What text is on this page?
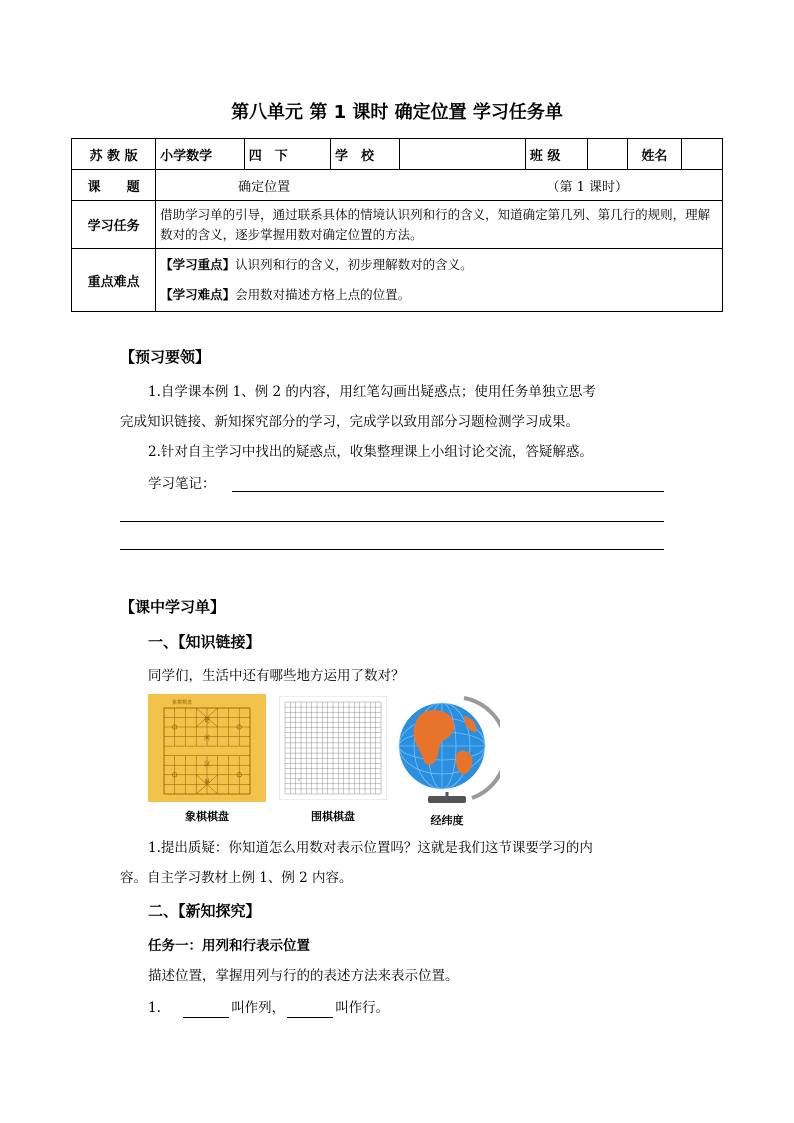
第八单元 第 1 课时 确定位置 学习任务单
苏 教 版	小学数学	四　下	学　校		班 级		姓名	
课　　题	确定位置 （第 1 课时）							

学习任务	借助学习单的引导，通过联系具体的情境认识列和行的含义，知道确定第几列、第几行的规则，理解数对的含义，逐步掌握用数对确定位置的方法。							
重点难点	【学习重点】认识列和行的含义，初步理解数对的含义。
【学习难点】会用数对描述方格上点的位置。							
【预习要领】
1.自学课本例 1、例 2 的内容，用红笔勾画出疑惑点；使用任务单独立思考
完成知识链接、新知探究部分的学习，完成学以致用部分习题检测学习成果。
2.针对自主学习中找出的疑惑点，收集整理课上小组讨论交流，答疑解惑。
学习笔记：
【课中学习单】
一、【知识链接】
同学们，生活中还有哪些地方运用了数对？
象棋棋盘
楚
河
汉
界
象棋棋盘	围棋棋盘	经纬度
1.提出质疑：你知道怎么用数对表示位置吗？这就是我们这节课要学习的内
容。自主学习教材上例 1、例 2 内容。
二、【新知探究】
任务一：用列和行表示位置
描述位置，掌握用列与行的的表述方法来表示位置。
1.	叫作列，	叫作行。
